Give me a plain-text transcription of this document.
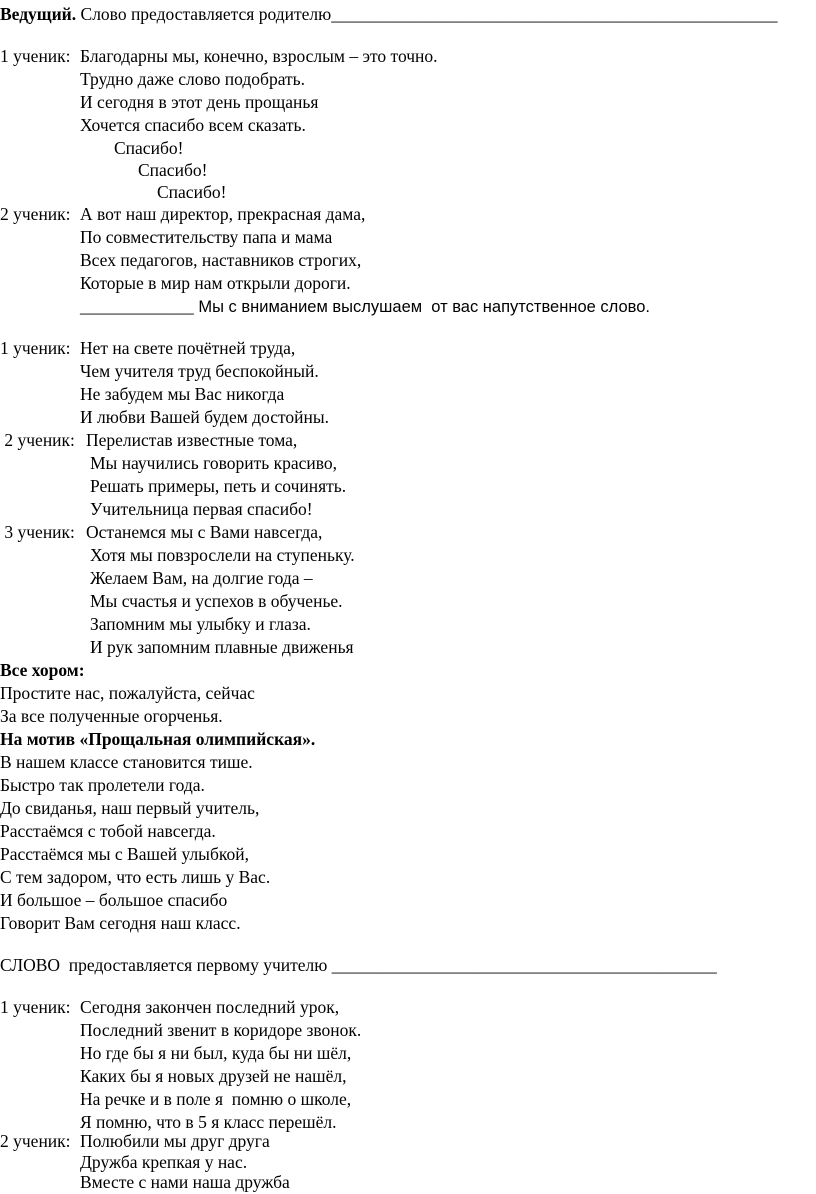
Ведущий. Слово предоставляется родителю___________________________________________________
1 ученик: Благодарны мы, конечно, взрослым – это точно.
Трудно даже слово подобрать.
И сегодня в этот день прощанья
Хочется спасибо всем сказать.
Спасибо!
Спасибо!
Спасибо!
2 ученик: А вот наш директор, прекрасная дама,
По совместительству папа и мама
Всех педагогов, наставников строгих,
Которые в мир нам открыли дороги.
_____________ Мы с вниманием выслушаем  от вас напутственное слово.
1 ученик: Нет на свете почётней труда,
Чем учителя труд беспокойный.
Не забудем мы Вас никогда
И любви Вашей будем достойны.
2 ученик: Перелистав известные тома,
Мы научились говорить красиво,
Решать примеры, петь и сочинять.
Учительница первая спасибо!
3 ученик: Останемся мы с Вами навсегда,
Хотя мы повзрослели на ступеньку.
Желаем Вам, на долгие года –
Мы счастья и успехов в обученье.
Запомним мы улыбку и глаза.
И рук запомним плавные движенья
Все хором:
Простите нас, пожалуйста, сейчас
За все полученные огорченья.
На мотив «Прощальная олимпийская».
В нашем классе становится тише.
Быстро так пролетели года.
До свиданья, наш первый учитель,
Расстаёмся с тобой навсегда.
Расстаёмся мы с Вашей улыбкой,
С тем задором, что есть лишь у Вас.
И большое – большое спасибо
Говорит Вам сегодня наш класс.
СЛОВО  предоставляется первому учителю ____________________________________________
1 ученик: Сегодня закончен последний урок,
Последний звенит в коридоре звонок.
Но где бы я ни был, куда бы ни шёл,
Каких бы я новых друзей не нашёл,
На речке и в поле я  помню о школе,
Я помню, что в 5 я класс перешёл.
2 ученик: Полюбили мы друг друга
Дружба крепкая у нас.
Вместе с нами наша дружба
